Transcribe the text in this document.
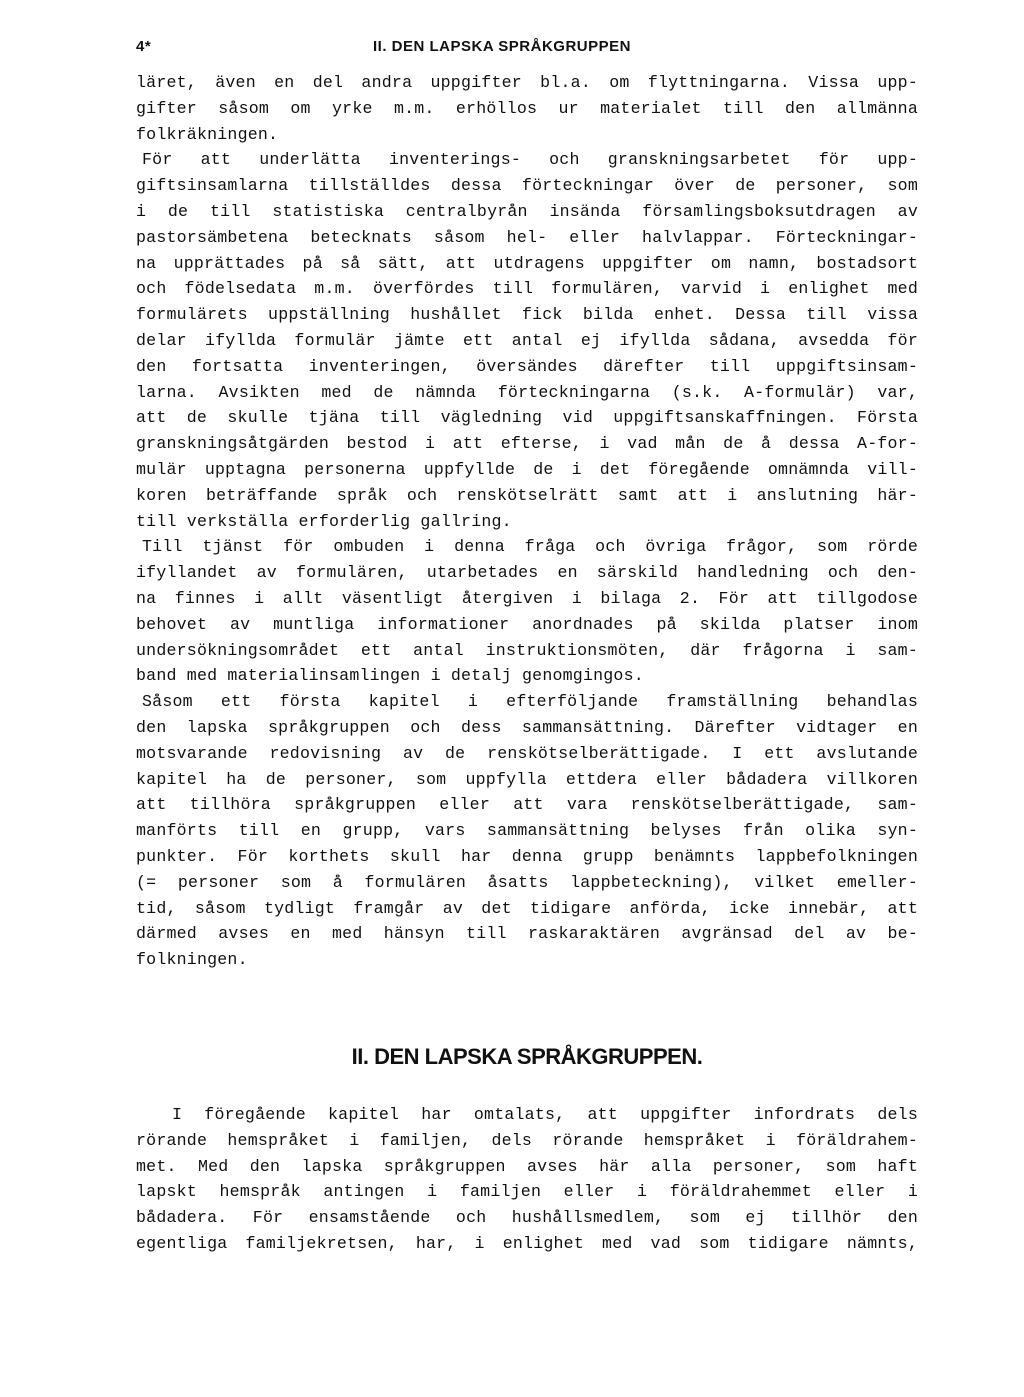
4*	II. DEN LAPSKA SPRÅKGRUPPEN
läret, även en del andra uppgifter bl.a. om flyttningarna. Vissa upp-
gifter såsom om yrke m.m. erhöllos ur materialet till den allmänna
folkräkningen.
För att underlätta inventerings- och granskningsarbetet för upp-
giftsinsamlarna tillställdes dessa förteckningar över de personer, som
i de till statistiska centralbyrån insända församlingsboksutdragen av
pastorsämbetena betecknats såsom hel- eller halvlappar. Förteckningar-
na upprättades på så sätt, att utdragens uppgifter om namn, bostadsort
och födelsedata m.m. överfördes till formulären, varvid i enlighet med
formulärets uppställning hushållet fick bilda enhet. Dessa till vissa
delar ifyllda formulär jämte ett antal ej ifyllda sådana, avsedda för
den fortsatta inventeringen, översändes därefter till uppgiftsinsam-
larna. Avsikten med de nämnda förteckningarna (s.k. A-formulär) var,
att de skulle tjäna till vägledning vid uppgiftsanskaffningen. Första
granskningsåtgärden bestod i att efterse, i vad mån de å dessa A-for-
mulär upptagna personerna uppfyllde de i det föregående omnämnda vill-
koren beträffande språk och renskötselrätt samt att i anslutning här-
till verkställa erforderlig gallring.
Till tjänst för ombuden i denna fråga och övriga frågor, som rörde
ifyllandet av formulären, utarbetades en särskild handledning och den-
na finnes i allt väsentligt återgiven i bilaga 2. För att tillgodose
behovet av muntliga informationer anordnades på skilda platser inom
undersökningsområdet ett antal instruktionsmöten, där frågorna i sam-
band med materialinsamlingen i detalj genomgingos.
Såsom ett första kapitel i efterföljande framställning behandlas
den lapska språkgruppen och dess sammansättning. Därefter vidtager en
motsvarande redovisning av de renskötselberättigade. I ett avslutande
kapitel ha de personer, som uppfylla ettdera eller bådadera villkoren
att tillhöra språkgruppen eller att vara renskötselberättigade, sam-
manförts till en grupp, vars sammansättning belyses från olika syn-
punkter. För korthets skull har denna grupp benämnts lappbefolkningen
(= personer som å formulären åsatts lappbeteckning), vilket emeller-
tid, såsom tydligt framgår av det tidigare anförda, icke innebär, att
därmed avses en med hänsyn till raskaraktären avgränsad del av be-
folkningen.
II. DEN LAPSKA SPRÅKGRUPPEN.
I föregående kapitel har omtalats, att uppgifter infordrats dels
rörande hemspråket i familjen, dels rörande hemspråket i föräldrahem-
met. Med den lapska språkgruppen avses här alla personer, som haft
lapskt hemspråk antingen i familjen eller i föräldrahemmet eller i
bådadera. För ensamstående och hushållsmedlem, som ej tillhör den
egentliga familjekretsen, har, i enlighet med vad som tidigare nämnts,
